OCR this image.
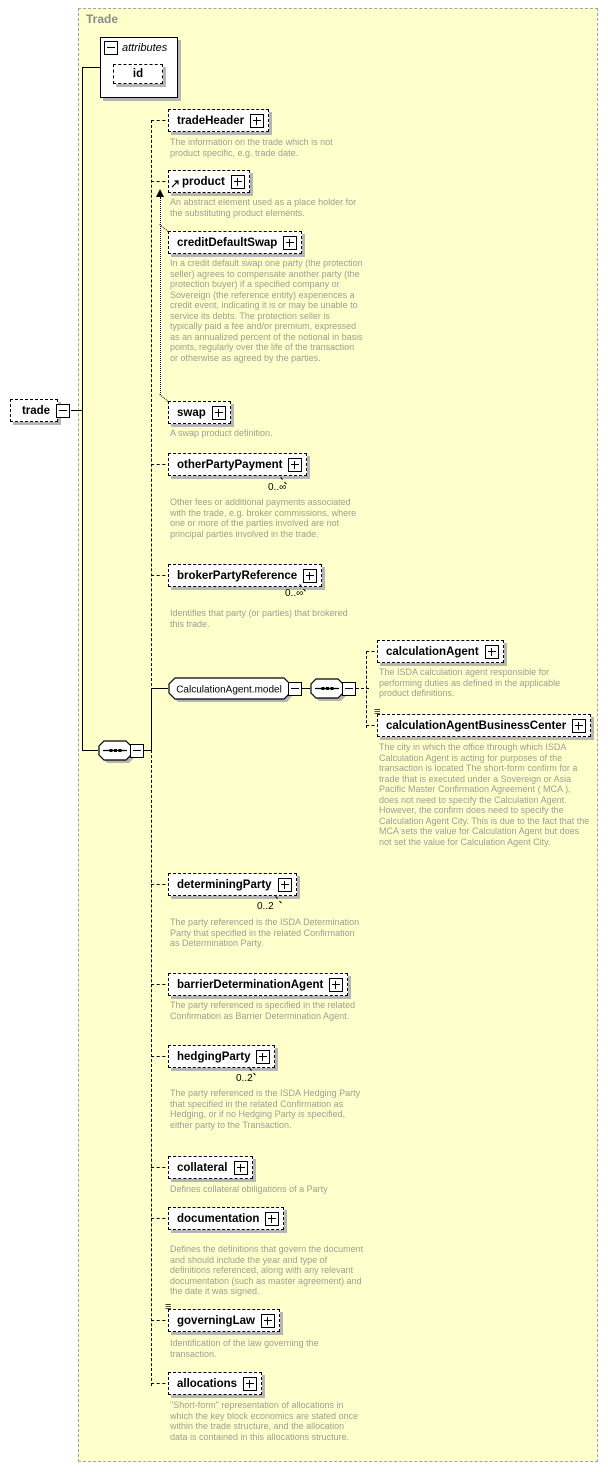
Trade
trade
attributes
id
tradeHeader
The information on the trade which is not product specific, e.g. trade date.
product
An abstract element used as a place holder for the substituting product elements.
creditDefaultSwap
In a credit default swap one party (the protection seller) agrees to compensate another party (the protection buyer) if a specified company or Sovereign (the reference entity) experiences a credit event, indicating it is or may be unable to service its debts. The protection seller is typically paid a fee and/or premium, expressed as an annualized percent of the notional in basis points, regularly over the life of the transaction or otherwise as agreed by the parties.
swap
A swap product definition.
otherPartyPayment
0..∞
Other fees or additional payments associated with the trade, e.g. broker commissions, where one or more of the parties involved are not principal parties involved in the trade.
brokerPartyReference
0..∞
Identifies that party (or parties) that brokered this trade.
CalculationAgent.model
calculationAgent
The ISDA calculation agent responsible for performing duties as defined in the applicable product definitions.
≡
calculationAgentBusinessCenter
The city in which the office through which ISDA Calculation Agent is acting for purposes of the transaction is located The short-form confirm for a trade that is executed under a Sovereign or Asia Pacific Master Confirmation Agreement ( MCA ), does not need to specify the Calculation Agent. However, the confirm does need to specify the Calculation Agent City. This is due to the fact that the MCA sets the value for Calculation Agent but does not set the value for Calculation Agent City.
determiningParty
0..2
The party referenced is the ISDA Determination Party that specified in the related Confirmation as Determination Party.
barrierDeterminationAgent
The party referenced is specified in the related Confirmation as Barrier Determination Agent.
hedgingParty
0..2
The party referenced is the ISDA Hedging Party that specified in the related Confirmation as Hedging, or if no Hedging Party is specified, either party to the Transaction.
collateral
Defines collateral obiligations of a Party
documentation
Defines the definitions that govern the document and should include the year and type of definitions referenced, along with any relevant documentation (such as master agreement) and the date it was signed.
≡
governingLaw
Identification of the law governing the transaction.
allocations
"Short-form" representation of allocations in which the key block economics are stated once within the trade structure, and the allocation data is contained in this allocations structure.
